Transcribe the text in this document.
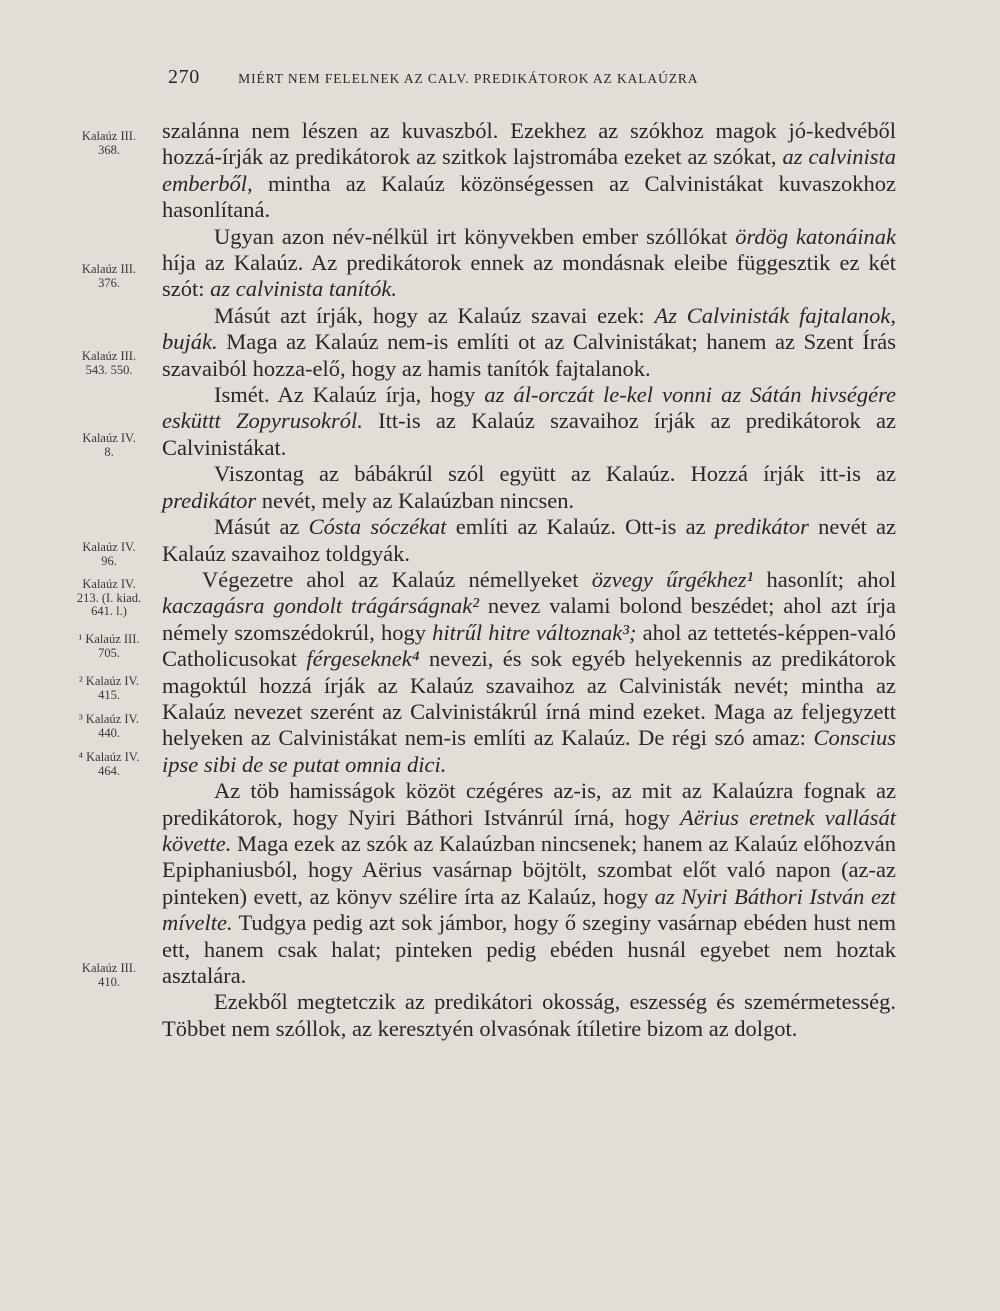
270	MIÉRT NEM FELELNEK AZ CALV. PREDIKÁTOROK AZ KALAÚZRA
Kalaúz III.
368.
Kalaúz III.
376.
Kalaúz III.
543. 550.
Kalaúz IV.
8.
Kalaúz IV.
96.
Kalaúz IV.
213. (I. kiad.
641. l.)
¹ Kalaúz III.
705.
² Kalaúz IV.
415.
³ Kalaúz IV.
440.
⁴ Kalaúz IV.
464.
Kalaúz III.
410.

szalánna nem lészen az kuvaszból. Ezekhez az szókhoz magok jó-kedvéből hozzá-írják az predikátorok az szitkok lajstromába ezeket az szókat, az calvinista emberből, mintha az Kalaúz közönségessen az Calvinistákat kuvaszokhoz hasonlítaná.

Ugyan azon név-nélkül irt könyvekben ember szóllókat ördög katonáinak híja az Kalaúz. Az predikátorok ennek az mondásnak eleibe függesztik ez két szót: az calvinista tanítók.

Másút azt írják, hogy az Kalaúz szavai ezek: Az Calvinisták fajtalanok, buják. Maga az Kalaúz nem-is említi ot az Calvinistákat; hanem az Szent Írás szavaiból hozza-elő, hogy az hamis tanítók fajtalanok.

Ismét. Az Kalaúz írja, hogy az ál-orczát le-kel vonni az Sátán hivségére esküttt Zopyrusokról. Itt-is az Kalaúz szavaihoz írják az predikátorok az Calvinistákat.

Viszontag az bábákrúl szól együtt az Kalaúz. Hozzá írják itt-is az predikátor nevét, mely az Kalaúzban nincsen.

Másút az Cósta sóczékat említi az Kalaúz. Ott-is az predikátor nevét az Kalaúz szavaihoz toldgyák.

Végezetre ahol az Kalaúz némellyeket özvegy űrgékhez¹ hasonlít; ahol kaczagásra gondolt trágárságnak² nevez valami bolond beszédet; ahol azt írja némely szomszédokrúl, hogy hitrűl hitre változnak³; ahol az tettetés-képpen-való Catholicusokat férgeseknek⁴ nevezi, és sok egyéb helyekennis az predikátorok magoktúl hozzá írják az Kalaúz szavaihoz az Calvinisták nevét; mintha az Kalaúz nevezet szerént az Calvinistákrúl írná mind ezeket. Maga az feljegyzett helyeken az Calvinistákat nem-is említi az Kalaúz. De régi szó amaz: Conscius ipse sibi de se putat omnia dici.

Az töb hamisságok közöt czégéres az-is, az mit az Kalaúzra fognak az predikátorok, hogy Nyiri Báthori Istvánrúl írná, hogy Aërius eretnek vallását követte. Maga ezek az szók az Kalaúzban nincsenek; hanem az Kalaúz előhozván Epiphaniusból, hogy Aërius vasárnap böjtölt, szombat előt való napon (az-az pinteken) evett, az könyv szélire írta az Kalaúz, hogy az Nyiri Báthori István ezt mívelte. Tudgya pedig azt sok jámbor, hogy ő szeginy vasárnap ebéden hust nem ett, hanem csak halat; pinteken pedig ebéden husnál egyebet nem hoztak asztalára.

Ezekből megtetczik az predikátori okosság, eszesség és szemérmetesség. Többet nem szóllok, az keresztyén olvasónak ítíletire bizom az dolgot.
